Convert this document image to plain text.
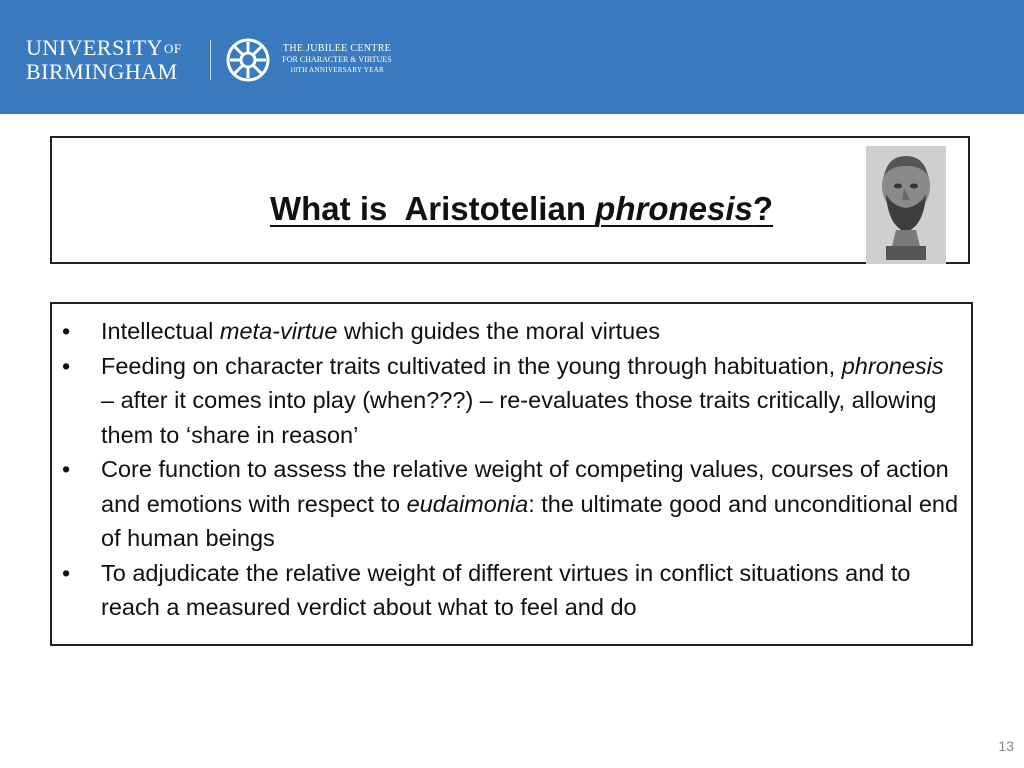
$UNIVERSITY^{OF}$
BIRMINGHAM
THE JUBILEE CENTRE
FOR CHARACTER & VIRTUES
10TH ANNIVERSARY YEAR
What is  Aristotelian phronesis?
• Intellectual meta-virtue which guides the moral virtues
• Feeding on character traits cultivated in the young through habituation, phronesis – after it comes into play (when???) – re-evaluates those traits critically, allowing them to ‘share in reason’
• Core function to assess the relative weight of competing values, courses of action and emotions with respect to eudaimonia: the ultimate good and unconditional end of human beings
• To adjudicate the relative weight of different virtues in conflict situations and to reach a measured verdict about what to feel and do
13
